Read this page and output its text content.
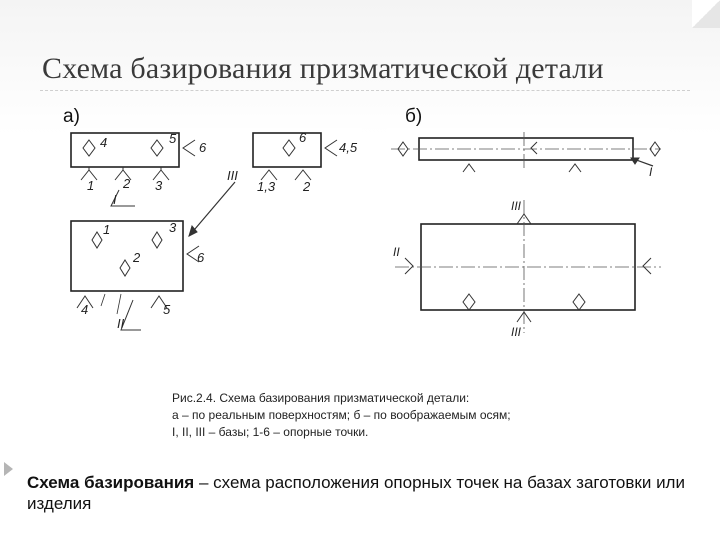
Схема базирования призматической детали
а)	б)
4	5
6
1 2 3
I
6
4,5
1,3 2
III
1	3
2	6
4	5
II
I
III
II
III
Рис.2.4. Схема базирования призматической детали:
а – по реальным поверхностям; б – по воображаемым осям;
I, II, III – базы; 1-6 – опорные точки.
Схема базирования – схема расположения опорных точек на базах заготовки или изделия
